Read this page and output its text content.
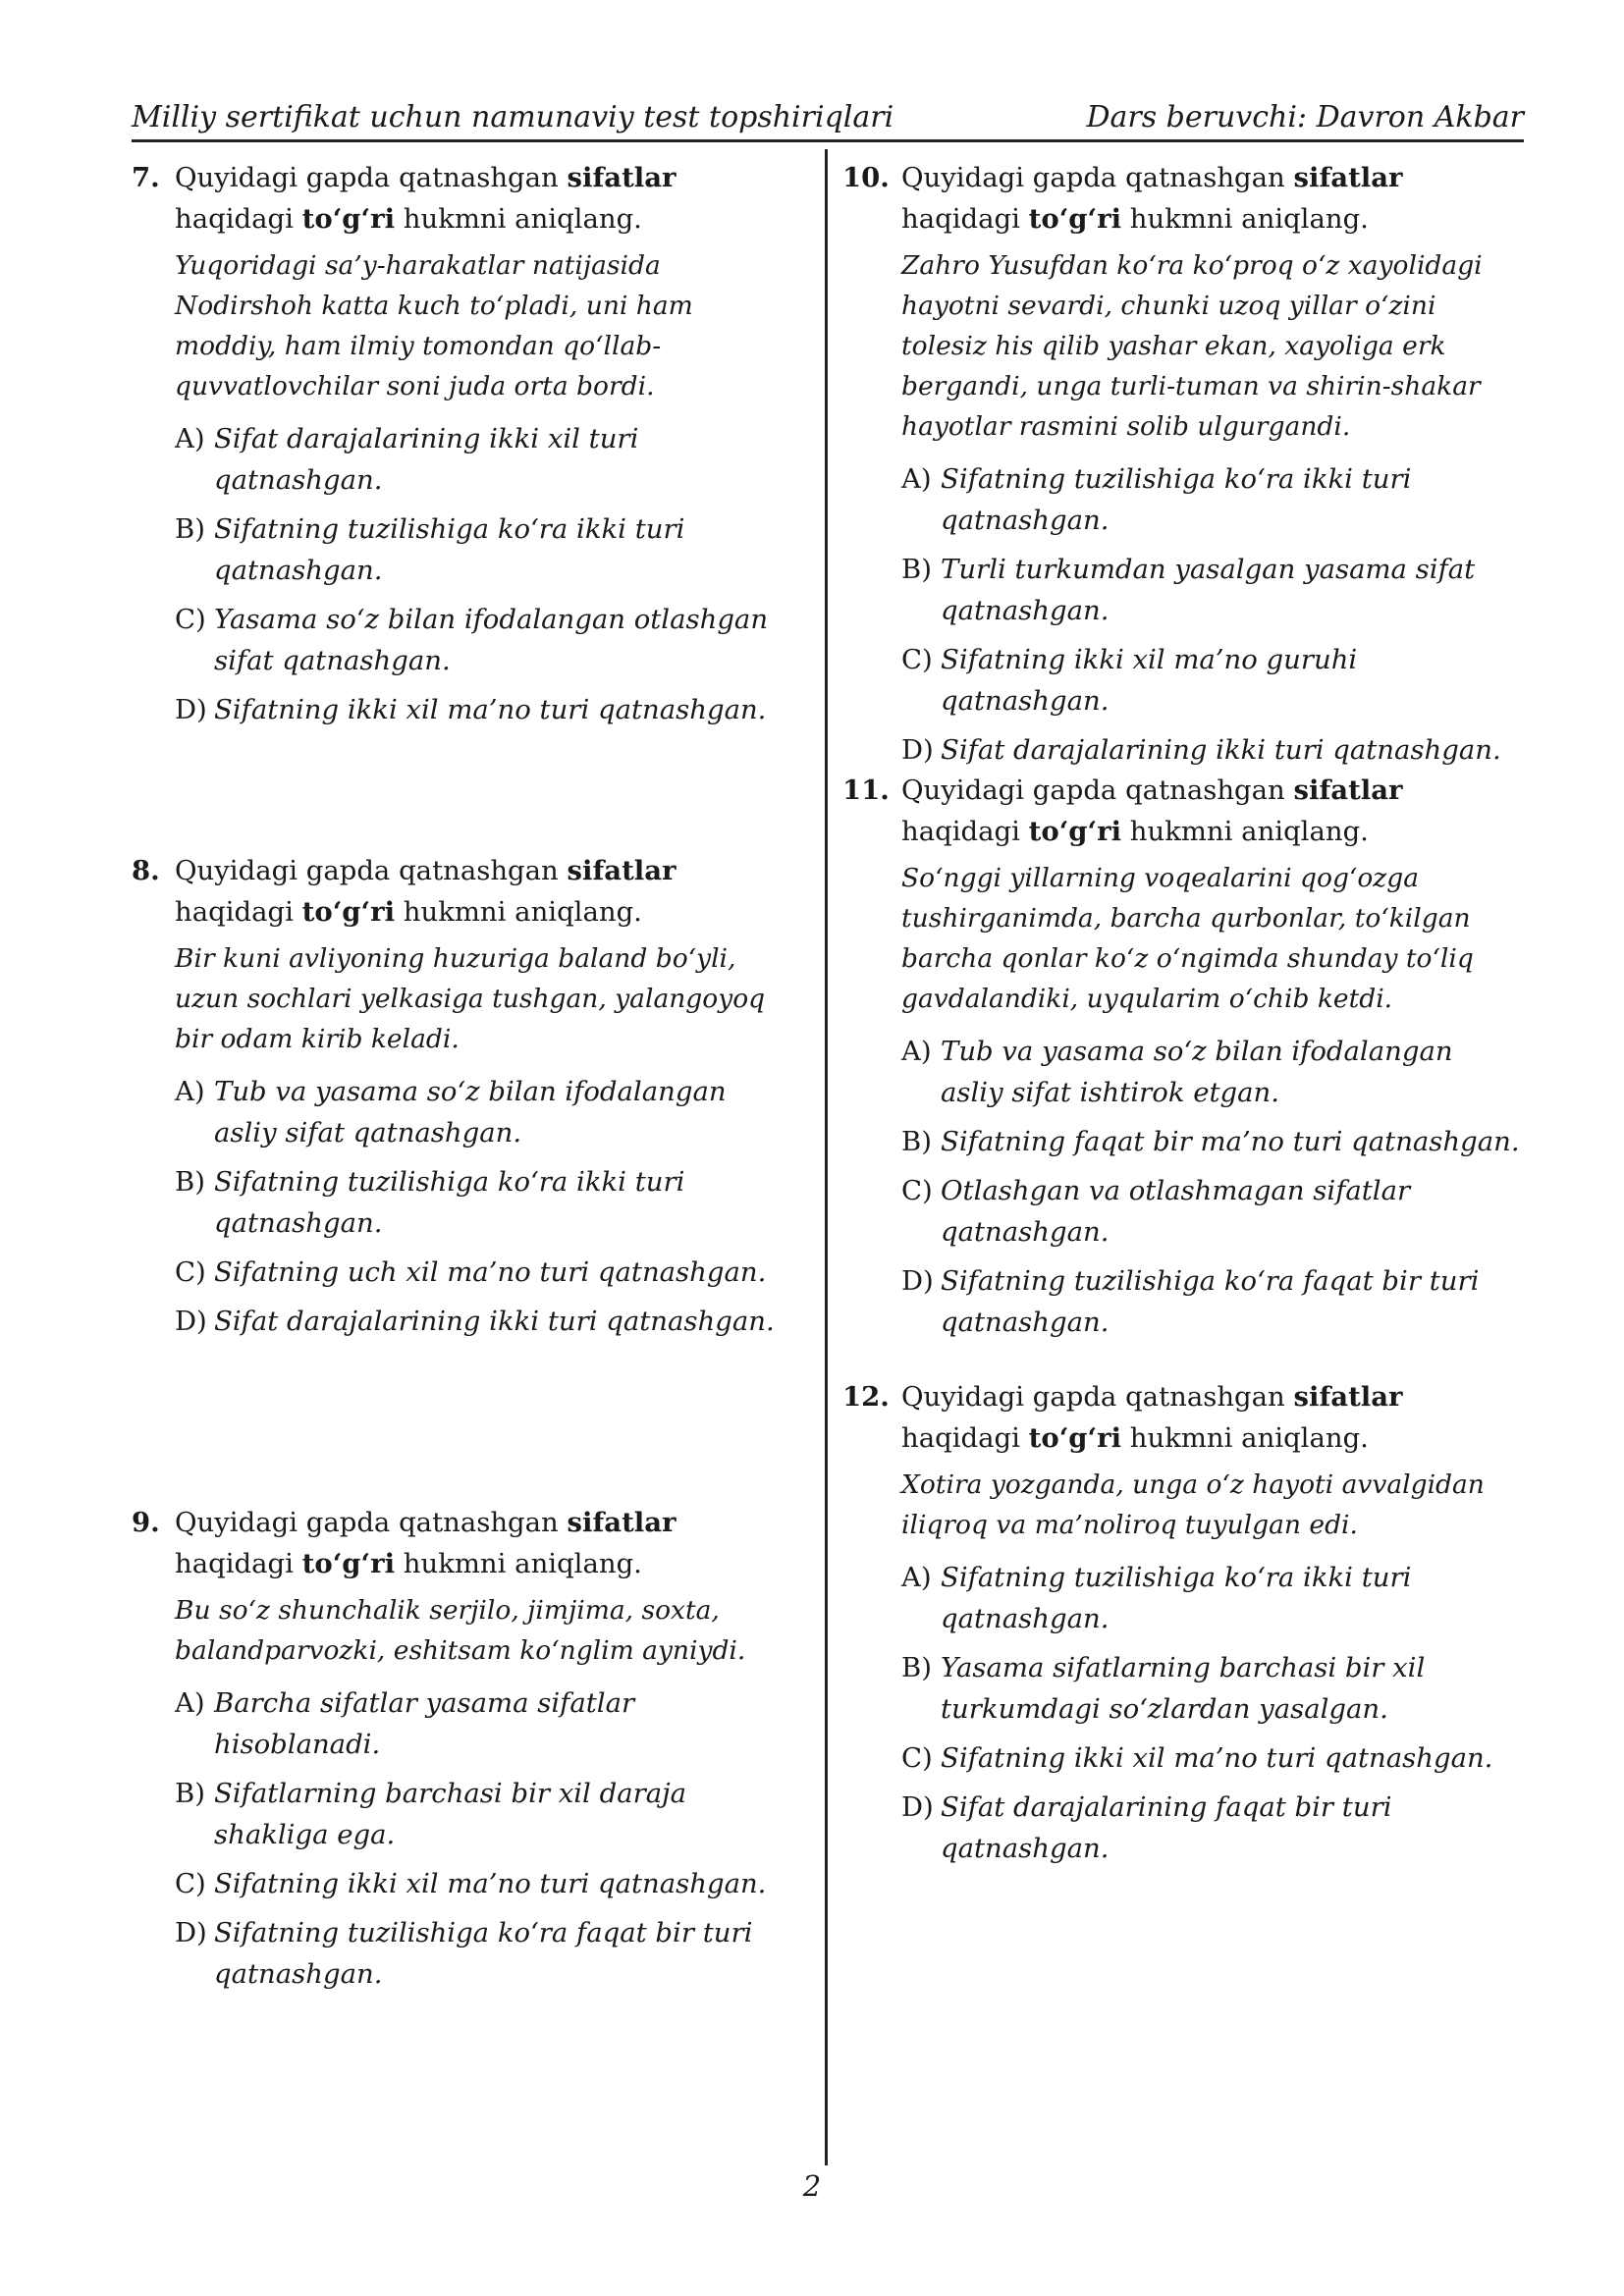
Milliy sertifikat uchun namunaviy test topshiriqlari	Dars beruvchi: Davron Akbar
7. Quyidagi gapda qatnashgan sifatlar haqidagi to‘g‘ri hukmni aniqlang.
Yuqoridagi sa’y-harakatlar natijasida Nodirshoh katta kuch to‘pladi, uni ham moddiy, ham ilmiy tomondan qo‘llab-quvvatlovchilar soni juda orta bordi.
A) Sifat darajalarining ikki xil turi qatnashgan.
B) Sifatning tuzilishiga ko‘ra ikki turi qatnashgan.
C) Yasama so‘z bilan ifodalangan otlashgan sifat qatnashgan.
D) Sifatning ikki xil ma’no turi qatnashgan.
8. Quyidagi gapda qatnashgan sifatlar haqidagi to‘g‘ri hukmni aniqlang.
Bir kuni avliyoning huzuriga baland bo‘yli, uzun sochlari yelkasiga tushgan, yalangoyoq bir odam kirib keladi.
A) Tub va yasama so‘z bilan ifodalangan asliy sifat qatnashgan.
B) Sifatning tuzilishiga ko‘ra ikki turi qatnashgan.
C) Sifatning uch xil ma’no turi qatnashgan.
D) Sifat darajalarining ikki turi qatnashgan.
9. Quyidagi gapda qatnashgan sifatlar haqidagi to‘g‘ri hukmni aniqlang.
Bu so‘z shunchalik serjilo, jimjima, soxta, balandparvozki, eshitsam ko‘nglim ayniydi.
A) Barcha sifatlar yasama sifatlar hisoblanadi.
B) Sifatlarning barchasi bir xil daraja shakliga ega.
C) Sifatning ikki xil ma’no turi qatnashgan.
D) Sifatning tuzilishiga ko‘ra faqat bir turi qatnashgan.
10. Quyidagi gapda qatnashgan sifatlar haqidagi to‘g‘ri hukmni aniqlang.
Zahro Yusufdan ko‘ra ko‘proq o‘z xayolidagi hayotni sevardi, chunki uzoq yillar o‘zini tolesiz his qilib yashar ekan, xayoliga erk bergandi, unga turli-tuman va shirin-shakar hayotlar rasmini solib ulgurgandi.
A) Sifatning tuzilishiga ko‘ra ikki turi qatnashgan.
B) Turli turkumdan yasalgan yasama sifat qatnashgan.
C) Sifatning ikki xil ma’no guruhi qatnashgan.
D) Sifat darajalarining ikki turi qatnashgan.
11. Quyidagi gapda qatnashgan sifatlar haqidagi to‘g‘ri hukmni aniqlang.
So‘nggi yillarning voqealarini qog‘ozga tushirganimda, barcha qurbonlar, to‘kilgan barcha qonlar ko‘z o‘ngimda shunday to‘liq gavdalandiki, uyqularim o‘chib ketdi.
A) Tub va yasama so‘z bilan ifodalangan asliy sifat ishtirok etgan.
B) Sifatning faqat bir ma’no turi qatnashgan.
C) Otlashgan va otlashmagan sifatlar qatnashgan.
D) Sifatning tuzilishiga ko‘ra faqat bir turi qatnashgan.
12. Quyidagi gapda qatnashgan sifatlar haqidagi to‘g‘ri hukmni aniqlang.
Xotira yozganda, unga o‘z hayoti avvalgidan iliqroq va ma’noliroq tuyulgan edi.
A) Sifatning tuzilishiga ko‘ra ikki turi qatnashgan.
B) Yasama sifatlarning barchasi bir xil turkumdagi so‘zlardan yasalgan.
C) Sifatning ikki xil ma’no turi qatnashgan.
D) Sifat darajalarining faqat bir turi qatnashgan.
2
